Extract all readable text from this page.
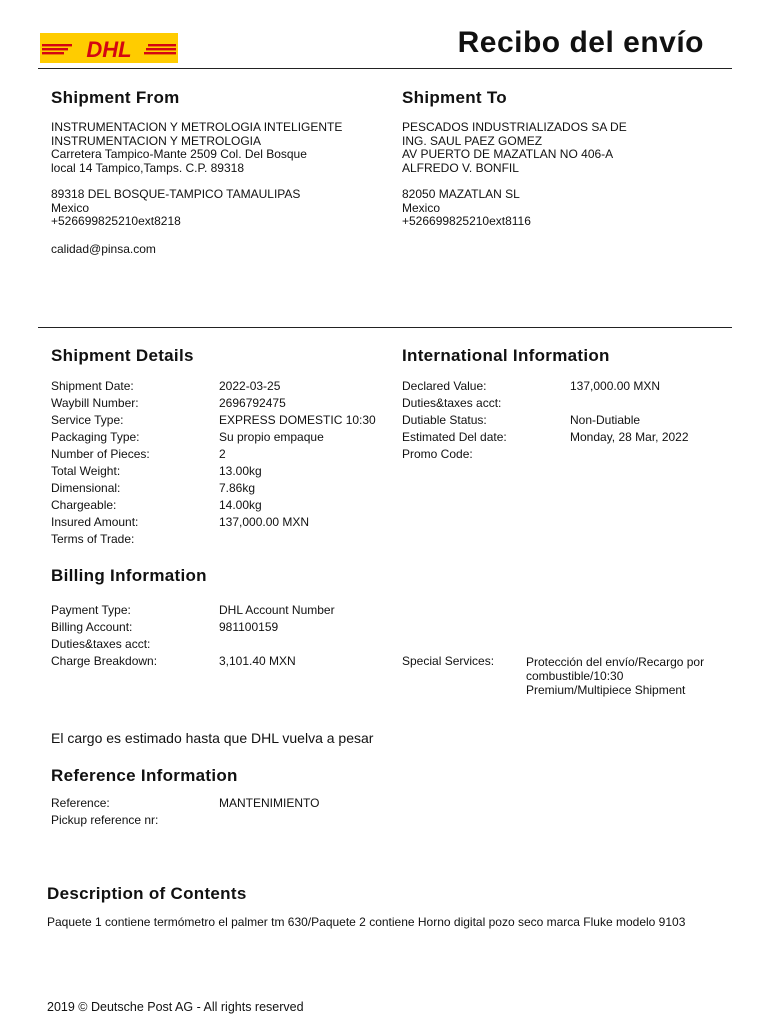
DHL	Recibo del envío
Shipment From
INSTRUMENTACION Y METROLOGIA INTELIGENTE
INSTRUMENTACION Y METROLOGIA
Carretera Tampico-Mante 2509 Col. Del Bosque
local 14 Tampico,Tamps. C.P. 89318
89318 DEL BOSQUE-TAMPICO TAMAULIPAS
Mexico
+526699825210ext8218
calidad@pinsa.com
Shipment To
PESCADOS INDUSTRIALIZADOS SA DE
ING. SAUL PAEZ GOMEZ
AV PUERTO DE MAZATLAN NO 406-A
ALFREDO V. BONFIL
82050 MAZATLAN SL
Mexico
+526699825210ext8116
Shipment Details
Shipment Date:	2022-03-25
Waybill Number:	2696792475
Service Type:	EXPRESS DOMESTIC 10:30
Packaging Type:	Su propio empaque
Number of Pieces:	2
Total Weight:	13.00kg
Dimensional:	7.86kg
Chargeable:	14.00kg
Insured Amount:	137,000.00 MXN
Terms of Trade:
International Information
Declared Value:	137,000.00 MXN
Duties&taxes acct:
Dutiable Status:	Non-Dutiable
Estimated Del date:	Monday, 28 Mar, 2022
Promo Code:
Billing Information
Payment Type:	DHL Account Number
Billing Account:	981100159
Duties&taxes acct:
Charge Breakdown:	3,101.40 MXN	Special Services:	Protección del envío/Recargo por combustible/10:30 Premium/Multipiece Shipment
El cargo es estimado hasta que DHL vuelva a pesar
Reference Information
Reference:	MANTENIMIENTO
Pickup reference nr:
Description of Contents
Paquete 1 contiene termómetro el palmer tm 630/Paquete 2 contiene Horno digital pozo seco marca Fluke modelo 9103
2019 © Deutsche Post AG - All rights reserved
